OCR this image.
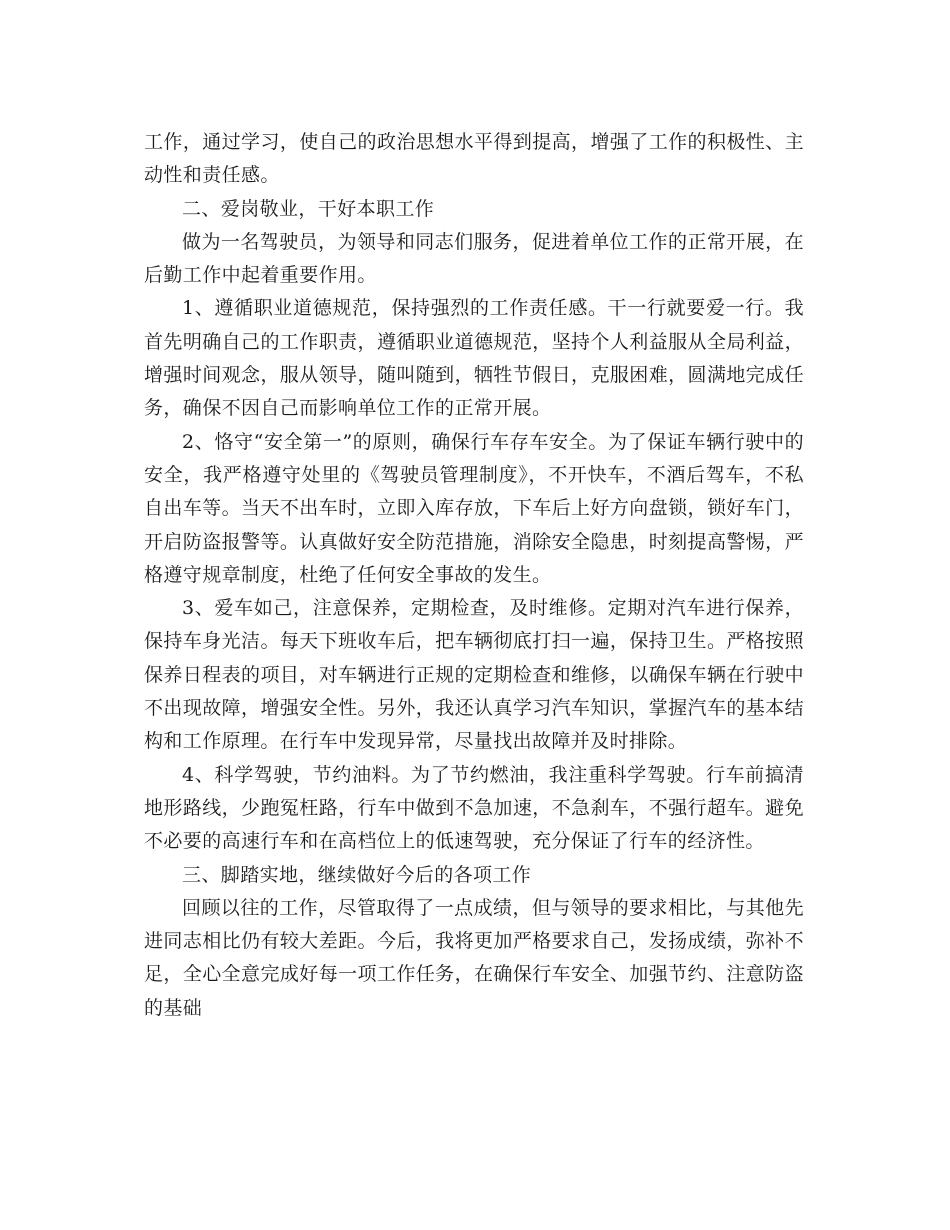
工作，通过学习，使自己的政治思想水平得到提高，增强了工作的积极性、主动性和责任感。

二、爱岗敬业，干好本职工作

做为一名驾驶员，为领导和同志们服务，促进着单位工作的正常开展，在后勤工作中起着重要作用。

1、遵循职业道德规范，保持强烈的工作责任感。干一行就要爱一行。我首先明确自己的工作职责，遵循职业道德规范，坚持个人利益服从全局利益，增强时间观念，服从领导，随叫随到，牺牲节假日，克服困难，圆满地完成任务，确保不因自己而影响单位工作的正常开展。

2、恪守“安全第一”的原则，确保行车存车安全。为了保证车辆行驶中的安全，我严格遵守处里的《驾驶员管理制度》，不开快车，不酒后驾车，不私自出车等。当天不出车时，立即入库存放，下车后上好方向盘锁，锁好车门，开启防盗报警等。认真做好安全防范措施，消除安全隐患，时刻提高警惕，严格遵守规章制度，杜绝了任何安全事故的发生。

3、爱车如己，注意保养，定期检查，及时维修。定期对汽车进行保养，保持车身光洁。每天下班收车后，把车辆彻底打扫一遍，保持卫生。严格按照保养日程表的项目，对车辆进行正规的定期检查和维修，以确保车辆在行驶中不出现故障，增强安全性。另外，我还认真学习汽车知识，掌握汽车的基本结构和工作原理。在行车中发现异常，尽量找出故障并及时排除。

4、科学驾驶，节约油料。为了节约燃油，我注重科学驾驶。行车前搞清地形路线，少跑冤枉路，行车中做到不急加速，不急刹车，不强行超车。避免不必要的高速行车和在高档位上的低速驾驶，充分保证了行车的经济性。

三、脚踏实地，继续做好今后的各项工作

回顾以往的工作，尽管取得了一点成绩，但与领导的要求相比，与其他先进同志相比仍有较大差距。今后，我将更加严格要求自己，发扬成绩，弥补不足，全心全意完成好每一项工作任务，在确保行车安全、加强节约、注意防盗的基础
